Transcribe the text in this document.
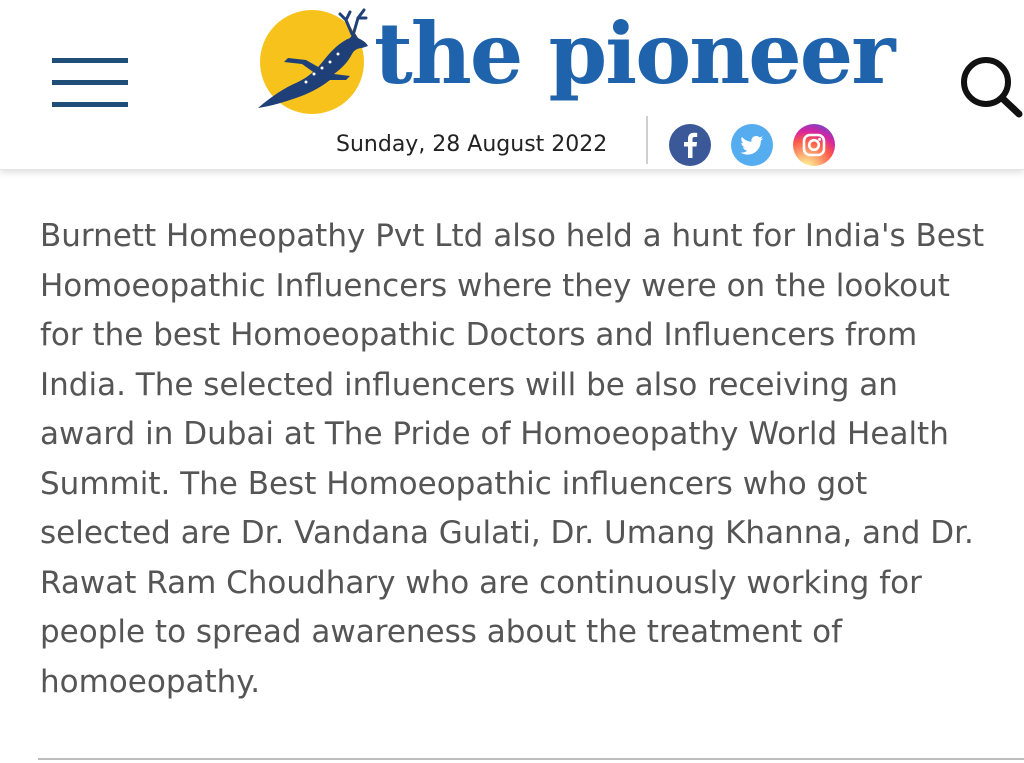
the pioneer
Sunday, 28 August 2022

Burnett Homeopathy Pvt Ltd also held a hunt for India's Best Homoeopathic Influencers where they were on the lookout for the best Homoeopathic Doctors and Influencers from India. The selected influencers will be also receiving an award in Dubai at The Pride of Homoeopathy World Health Summit. The Best Homoeopathic influencers who got selected are Dr. Vandana Gulati, Dr. Umang Khanna, and Dr. Rawat Ram Choudhary who are continuously working for people to spread awareness about the treatment of homoeopathy.
